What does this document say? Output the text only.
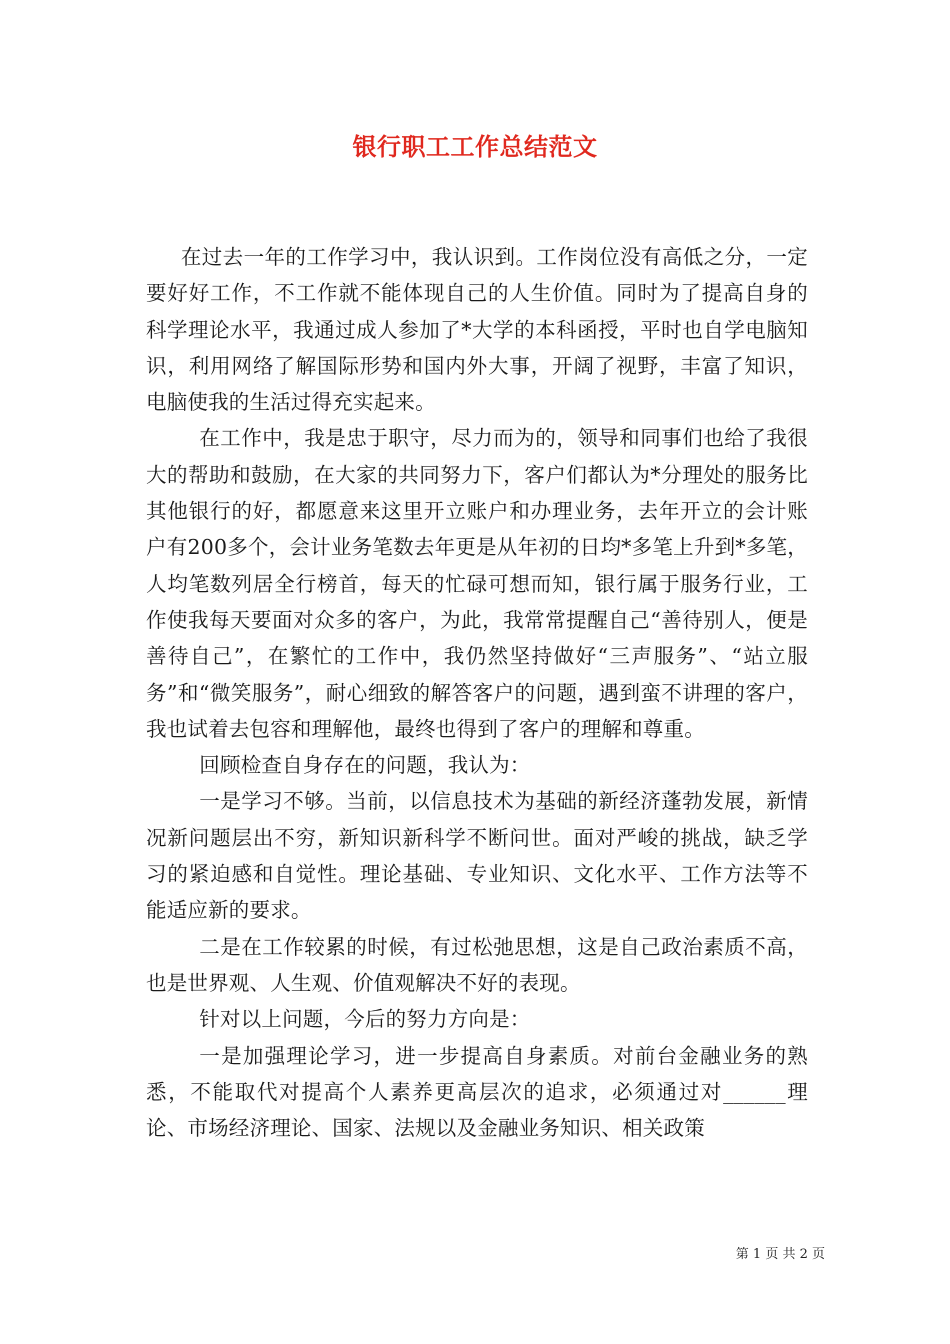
银行职工工作总结范文

在过去一年的工作学习中，我认识到。工作岗位没有高低之分，一定要好好工作，不工作就不能体现自己的人生价值。同时为了提高自身的科学理论水平，我通过成人参加了*大学的本科函授，平时也自学电脑知识，利用网络了解国际形势和国内外大事，开阔了视野，丰富了知识，电脑使我的生活过得充实起来。

在工作中，我是忠于职守，尽力而为的，领导和同事们也给了我很大的帮助和鼓励，在大家的共同努力下，客户们都认为*分理处的服务比其他银行的好，都愿意来这里开立账户和办理业务，去年开立的会计账户有200多个，会计业务笔数去年更是从年初的日均*多笔上升到*多笔，人均笔数列居全行榜首，每天的忙碌可想而知，银行属于服务行业，工作使我每天要面对众多的客户，为此，我常常提醒自己“善待别人，便是善待自己”，在繁忙的工作中，我仍然坚持做好“三声服务”、“站立服务”和“微笑服务”，耐心细致的解答客户的问题，遇到蛮不讲理的客户，我也试着去包容和理解他，最终也得到了客户的理解和尊重。

回顾检查自身存在的问题，我认为：

一是学习不够。当前，以信息技术为基础的新经济蓬勃发展，新情况新问题层出不穷，新知识新科学不断问世。面对严峻的挑战，缺乏学习的紧迫感和自觉性。理论基础、专业知识、文化水平、工作方法等不能适应新的要求。

二是在工作较累的时候，有过松弛思想，这是自己政治素质不高，也是世界观、人生观、价值观解决不好的表现。

针对以上问题，今后的努力方向是：

一是加强理论学习，进一步提高自身素质。对前台金融业务的熟悉，不能取代对提高个人素养更高层次的追求，必须通过对______理论、市场经济理论、国家、法规以及金融业务知识、相关政策

第 1 页 共 2 页
